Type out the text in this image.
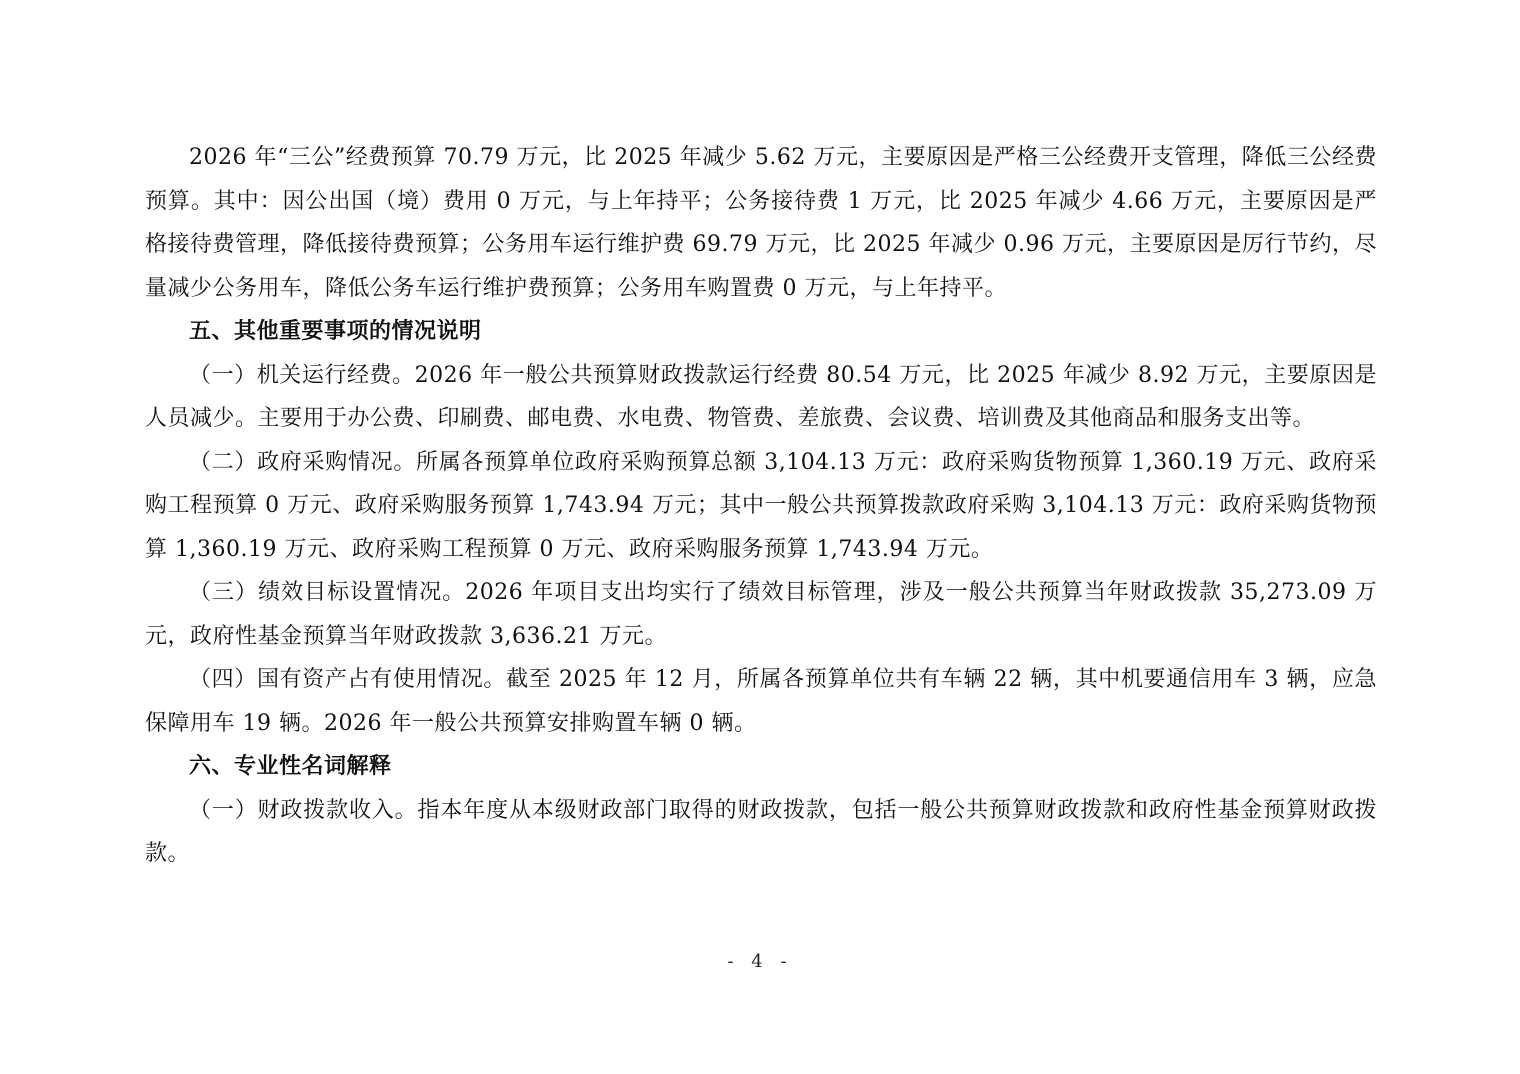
2026 年“三公”经费预算 70.79 万元，比 2025 年减少 5.62 万元，主要原因是严格三公经费开支管理，降低三公经费预算。其中：因公出国（境）费用 0 万元，与上年持平；公务接待费 1 万元，比 2025 年减少 4.66 万元，主要原因是严格接待费管理，降低接待费预算；公务用车运行维护费 69.79 万元，比 2025 年减少 0.96 万元，主要原因是厉行节约，尽量减少公务用车，降低公务车运行维护费预算；公务用车购置费 0 万元，与上年持平。

五、其他重要事项的情况说明

（一）机关运行经费。2026 年一般公共预算财政拨款运行经费 80.54 万元，比 2025 年减少 8.92 万元，主要原因是人员减少。主要用于办公费、印刷费、邮电费、水电费、物管费、差旅费、会议费、培训费及其他商品和服务支出等。

（二）政府采购情况。所属各预算单位政府采购预算总额 3,104.13 万元：政府采购货物预算 1,360.19 万元、政府采购工程预算 0 万元、政府采购服务预算 1,743.94 万元；其中一般公共预算拨款政府采购 3,104.13 万元：政府采购货物预算 1,360.19 万元、政府采购工程预算 0 万元、政府采购服务预算 1,743.94 万元。

（三）绩效目标设置情况。2026 年项目支出均实行了绩效目标管理，涉及一般公共预算当年财政拨款 35,273.09 万元，政府性基金预算当年财政拨款 3,636.21 万元。

（四）国有资产占有使用情况。截至 2025 年 12 月，所属各预算单位共有车辆 22 辆，其中机要通信用车 3 辆，应急保障用车 19 辆。2026 年一般公共预算安排购置车辆 0 辆。

六、专业性名词解释

（一）财政拨款收入。指本年度从本级财政部门取得的财政拨款，包括一般公共预算财政拨款和政府性基金预算财政拨款。

- 4 -
